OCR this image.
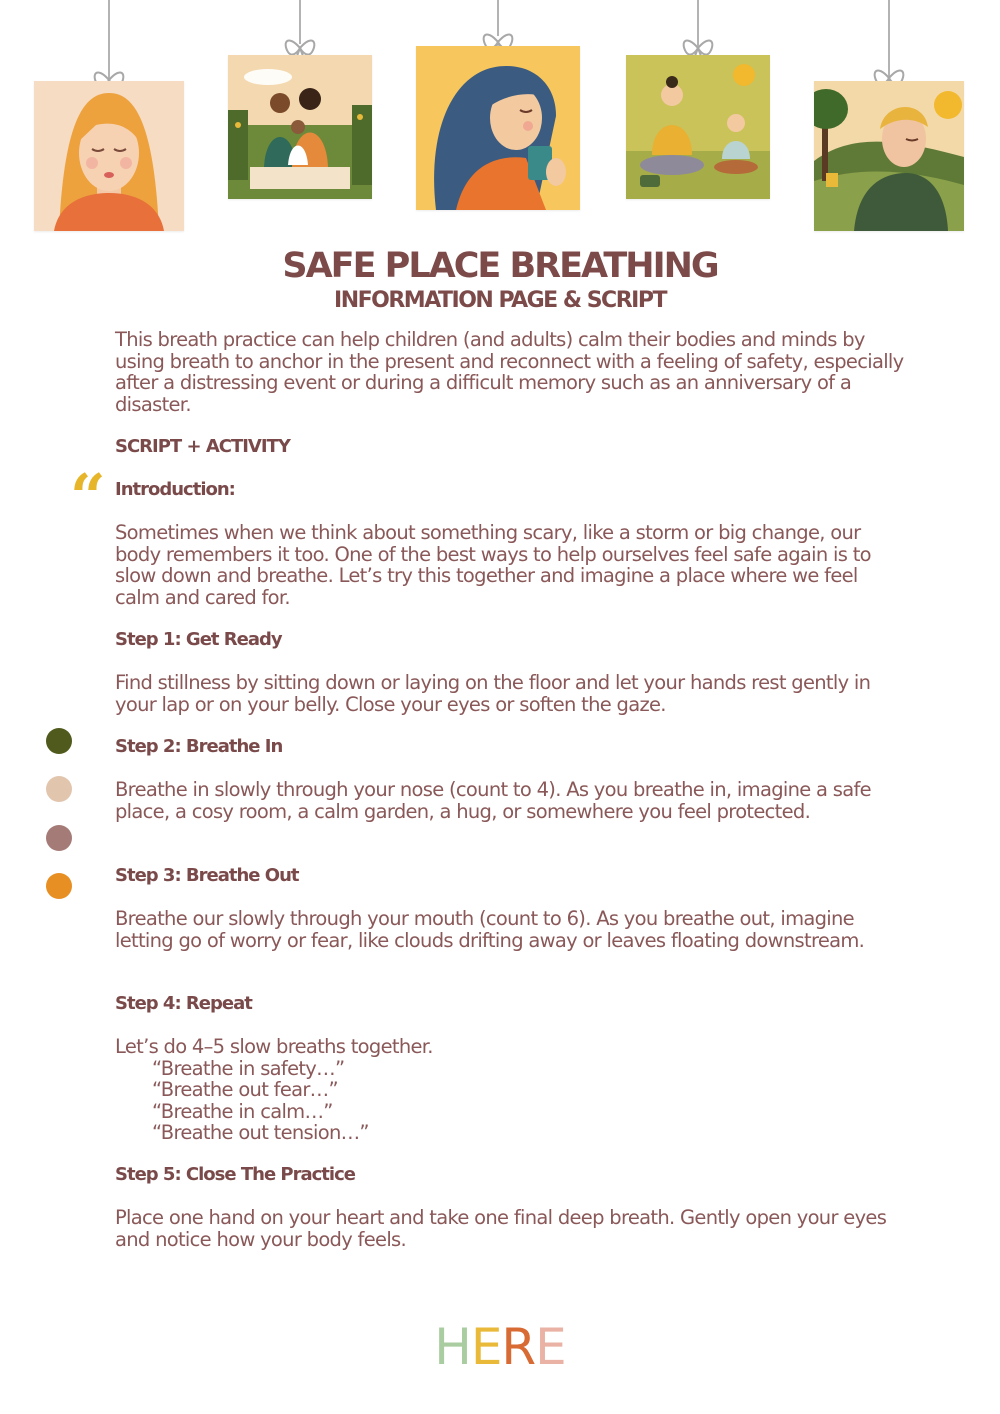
SAFE PLACE BREATHING
INFORMATION PAGE & SCRIPT
This breath practice can help children (and adults) calm their bodies and minds by using breath to anchor in the present and reconnect with a feeling of safety, especially after a distressing event or during a difficult memory such as an anniversary of a disaster.
SCRIPT + ACTIVITY
“ Introduction:
Sometimes when we think about something scary, like a storm or big change, our body remembers it too. One of the best ways to help ourselves feel safe again is to slow down and breathe. Let’s try this together and imagine a place where we feel calm and cared for.
Step 1: Get Ready
Find stillness by sitting down or laying on the floor and let your hands rest gently in your lap or on your belly. Close your eyes or soften the gaze.
Step 2: Breathe In
Breathe in slowly through your nose (count to 4). As you breathe in, imagine a safe place, a cosy room, a calm garden, a hug, or somewhere you feel protected.
Step 3: Breathe Out
Breathe our slowly through your mouth (count to 6). As you breathe out, imagine letting go of worry or fear, like clouds drifting away or leaves floating downstream.
Step 4: Repeat
Let’s do 4–5 slow breaths together.
“Breathe in safety…”
“Breathe out fear…”
“Breathe in calm…”
“Breathe out tension…”
Step 5: Close The Practice
Place one hand on your heart and take one final deep breath. Gently open your eyes and notice how your body feels.
HERE
